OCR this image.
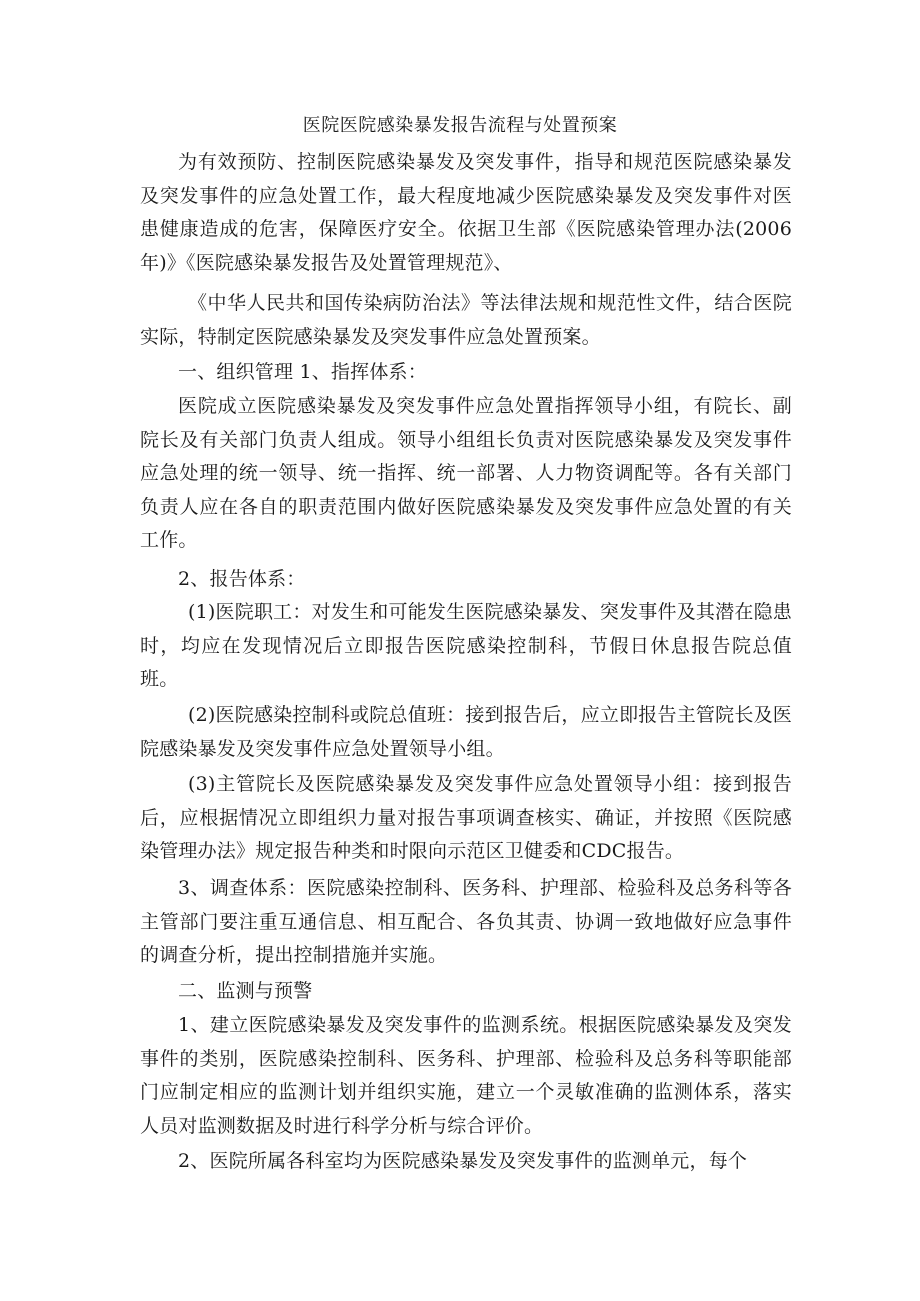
医院医院感染暴发报告流程与处置预案

为有效预防、控制医院感染暴发及突发事件，指导和规范医院感染暴发及突发事件的应急处置工作，最大程度地减少医院感染暴发及突发事件对医患健康造成的危害，保障医疗安全。依据卫生部《医院感染管理办法(2006年)》《医院感染暴发报告及处置管理规范》、

《中华人民共和国传染病防治法》等法律法规和规范性文件，结合医院实际，特制定医院感染暴发及突发事件应急处置预案。

一、组织管理 1、指挥体系：

医院成立医院感染暴发及突发事件应急处置指挥领导小组，有院长、副院长及有关部门负责人组成。领导小组组长负责对医院感染暴发及突发事件应急处理的统一领导、统一指挥、统一部署、人力物资调配等。各有关部门负责人应在各自的职责范围内做好医院感染暴发及突发事件应急处置的有关工作。

2、报告体系：

(1)医院职工：对发生和可能发生医院感染暴发、突发事件及其潜在隐患时，均应在发现情况后立即报告医院感染控制科，节假日休息报告院总值班。

(2)医院感染控制科或院总值班：接到报告后，应立即报告主管院长及医院感染暴发及突发事件应急处置领导小组。

(3)主管院长及医院感染暴发及突发事件应急处置领导小组：接到报告后，应根据情况立即组织力量对报告事项调查核实、确证，并按照《医院感染管理办法》规定报告种类和时限向示范区卫健委和CDC报告。

3、调查体系：医院感染控制科、医务科、护理部、检验科及总务科等各主管部门要注重互通信息、相互配合、各负其责、协调一致地做好应急事件的调查分析，提出控制措施并实施。

二、监测与预警

1、建立医院感染暴发及突发事件的监测系统。根据医院感染暴发及突发事件的类别，医院感染控制科、医务科、护理部、检验科及总务科等职能部门应制定相应的监测计划并组织实施，建立一个灵敏准确的监测体系，落实人员对监测数据及时进行科学分析与综合评价。

2、医院所属各科室均为医院感染暴发及突发事件的监测单元，每个
